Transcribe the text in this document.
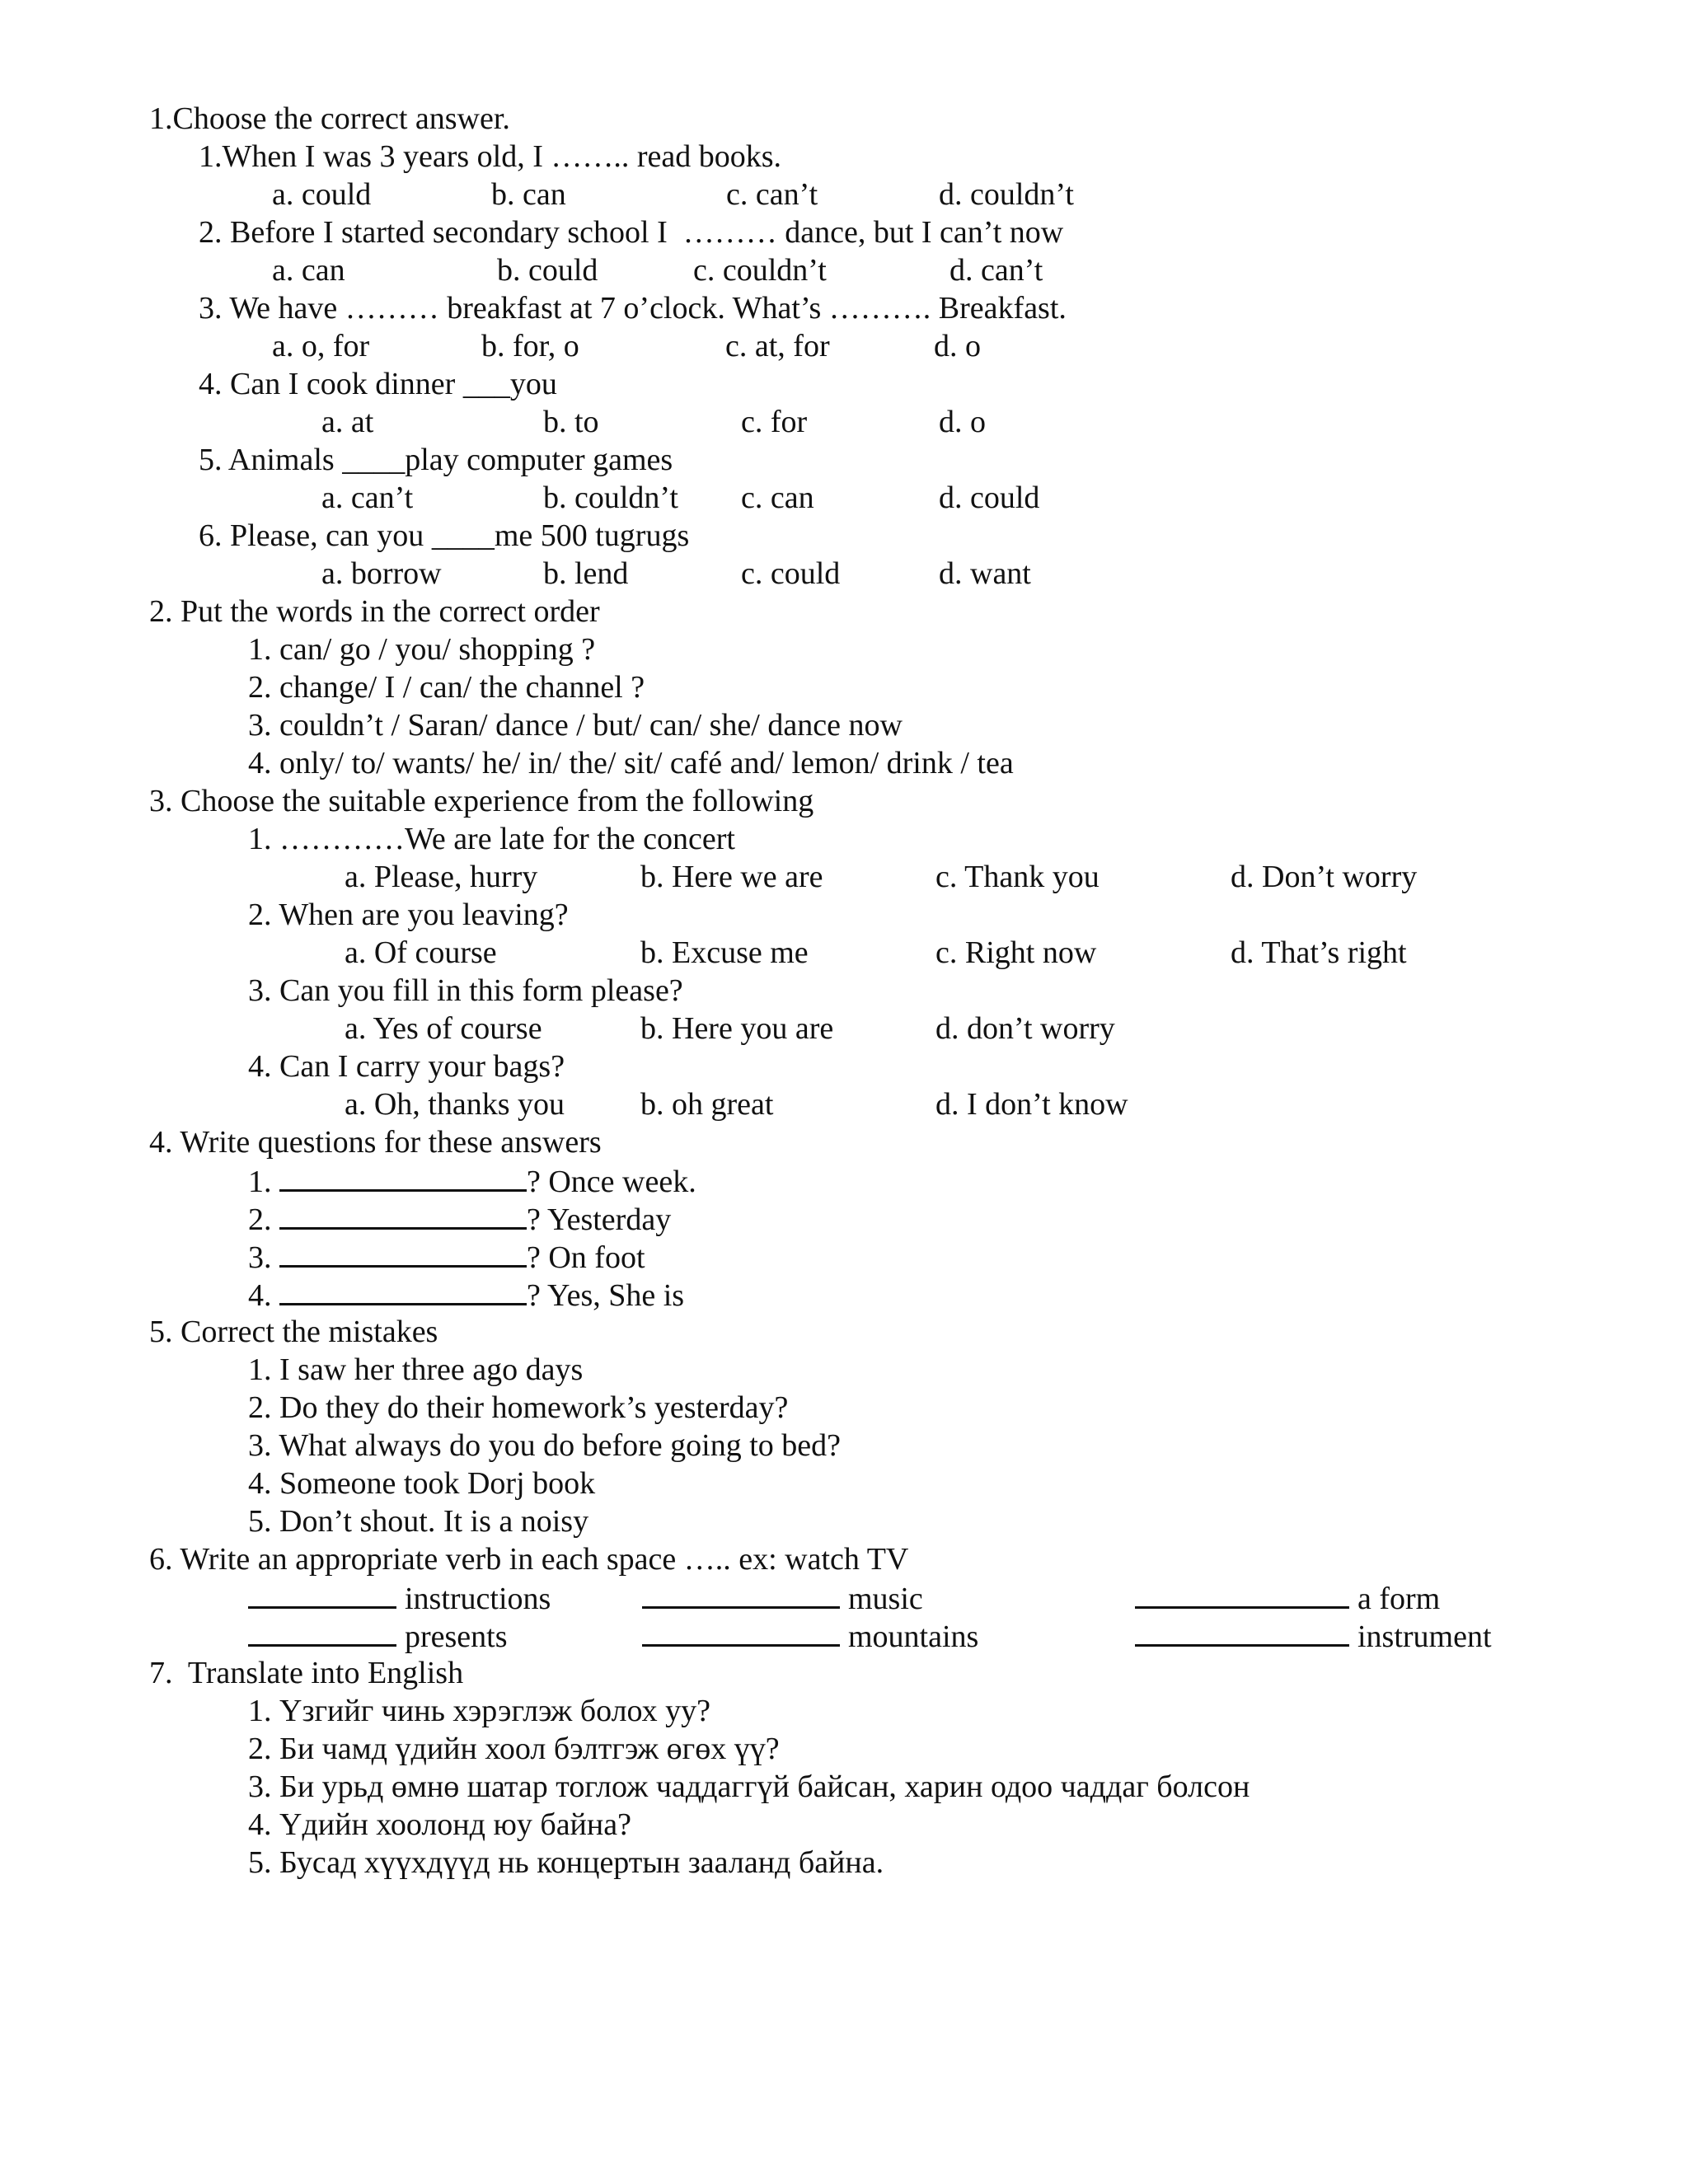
1.Choose the correct answer.
1.When I was 3 years old, I …….. read books.
a. could	b. can	c. can’t	d. couldn’t
2. Before I started secondary school I  ……… dance, but I can’t now
a. can	b. could	c. couldn’t	d. can’t
3. We have ……… breakfast at 7 o’clock. What’s ………. Breakfast.
a. o, for	b. for, o	c. at, for	d. o
4. Can I cook dinner ___you
a. at	b. to	c. for	d. o
5. Animals ____play computer games
a. can’t	b. couldn’t c. can	d. could
6. Please, can you ____me 500 tugrugs
a. borrow	b. lend	c. could	d. want
2. Put the words in the correct order
1. can/ go / you/ shopping ?
2. change/ I / can/ the channel ?
3. couldn’t / Saran/ dance / but/ can/ she/ dance now
4. only/ to/ wants/ he/ in/ the/ sit/ café and/ lemon/ drink / tea
3. Choose the suitable experience from the following
1. …………We are late for the concert
a. Please, hurry	b. Here we are	c. Thank you	d. Don’t worry
2. When are you leaving?
a. Of course	b. Excuse me	c. Right now	d. That’s right
3. Can you fill in this form please?
a. Yes of course	b. Here you are	d. don’t worry
4. Can I carry your bags?
a. Oh, thanks you b. oh great	d. I don’t know
4. Write questions for these answers
1.	? Once week.
2.	? Yesterday
3.	? On foot
4.	? Yes, She is
5. Correct the mistakes
1. I saw her three ago days
2. Do they do their homework’s yesterday?
3. What always do you do before going to bed?
4. Someone took Dorj book
5. Don’t shout. It is a noisy
6. Write an appropriate verb in each space ….. ex: watch TV
instructions	music	a form
presents	mountains	instrument
7.  Translate into English
1. Үзгийг чинь хэрэглэж болох уу?
2. Би чамд үдийн хоол бэлтгэж өгөх үү?
3. Би урьд өмнө шатар тоглож чаддаггүй байсан, харин одоо чаддаг болсон
4. Үдийн хоолонд юу байна?
5. Бусад хүүхдүүд нь концертын зааланд байна.
